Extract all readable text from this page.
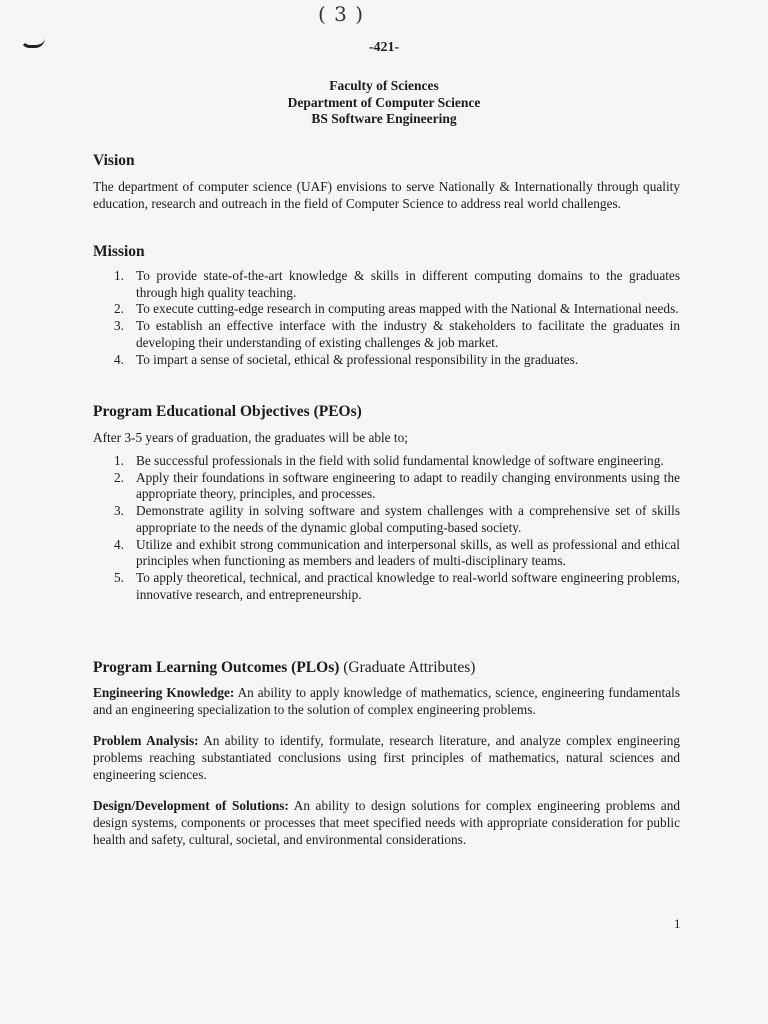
( 3 )
-421-
Faculty of Sciences
Department of Computer Science
BS Software Engineering
Vision
The department of computer science (UAF) envisions to serve Nationally & Internationally through quality education, research and outreach in the field of Computer Science to address real world challenges.
Mission
1. To provide state-of-the-art knowledge & skills in different computing domains to the graduates through high quality teaching.
2. To execute cutting-edge research in computing areas mapped with the National & International needs.
3. To establish an effective interface with the industry & stakeholders to facilitate the graduates in developing their understanding of existing challenges & job market.
4. To impart a sense of societal, ethical & professional responsibility in the graduates.
Program Educational Objectives (PEOs)
After 3-5 years of graduation, the graduates will be able to;
1. Be successful professionals in the field with solid fundamental knowledge of software engineering.
2. Apply their foundations in software engineering to adapt to readily changing environments using the appropriate theory, principles, and processes.
3. Demonstrate agility in solving software and system challenges with a comprehensive set of skills appropriate to the needs of the dynamic global computing-based society.
4. Utilize and exhibit strong communication and interpersonal skills, as well as professional and ethical principles when functioning as members and leaders of multi-disciplinary teams.
5. To apply theoretical, technical, and practical knowledge to real-world software engineering problems, innovative research, and entrepreneurship.
Program Learning Outcomes (PLOs) (Graduate Attributes)
Engineering Knowledge: An ability to apply knowledge of mathematics, science, engineering fundamentals and an engineering specialization to the solution of complex engineering problems.
Problem Analysis: An ability to identify, formulate, research literature, and analyze complex engineering problems reaching substantiated conclusions using first principles of mathematics, natural sciences and engineering sciences.
Design/Development of Solutions: An ability to design solutions for complex engineering problems and design systems, components or processes that meet specified needs with appropriate consideration for public health and safety, cultural, societal, and environmental considerations.
1
